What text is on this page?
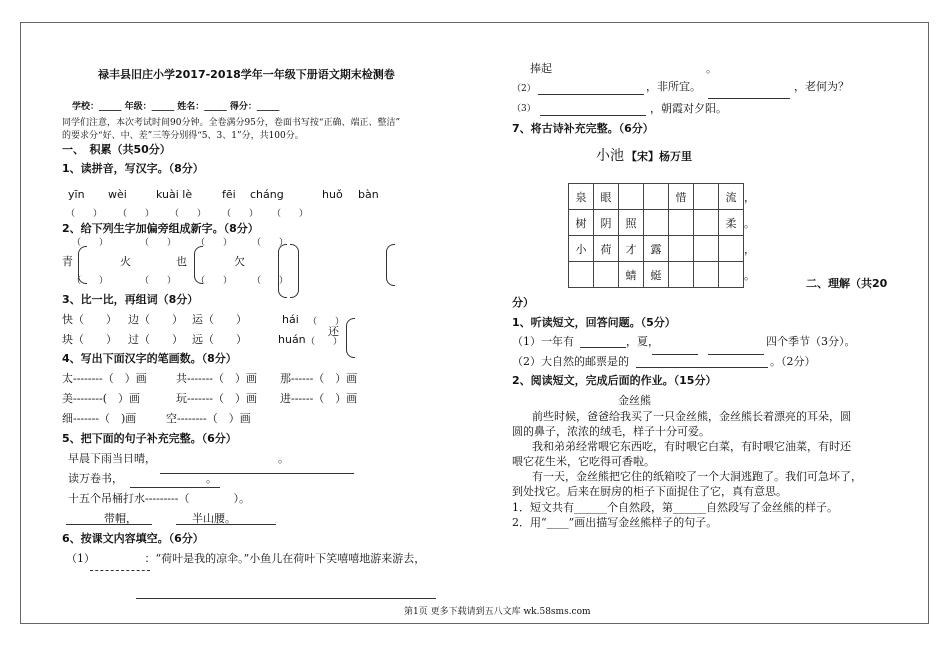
禄丰县旧庄小学2017-2018学年一年级下册语文期末检测卷
学校：_____ 年级：_____ 姓名：_____ 得分：_____
同学们注意，本次考试时间90分钟。全卷满分95分，卷面书写按“正确、端正、整洁”
的要求分“好、中、差”三等分别得“5、3、1”分，共100分。
一、　积累（共50分）
1、读拼音，写汉字。（8分）
yīn wèi	kuài lè	fēi cháng	huǒ bàn
（　　） （　　） （　　） （　　） （　　）
2、给下列生字加偏旁组成新字。（8分）
（　　）	（　　） （　　） （　　）
青	火	也	欠
（　　）	（　　） （　　） （　　）
3、比一比，再组词（8分）
快（　　） 边（　　） 运（　　）
块（　　） 过（　　） 远（　　）
hái （　　）
huán （　　）
还
4、写出下面汉字的笔画数。（8分）
太--------（　）画	共-------（　）画 那------（　）画
美--------(　）画	玩-------（　）画 进------（　）画
细-------（　)画	空--------（　）画
5、把下面的句子补充完整。（6分）
早晨下雨当日晴，	。
读万卷书，	。
十五个吊桶打水---------（　　　　）。
带帽，	半山腰。
6、按课文内容填空。（6分）
（1）　　　　　：“荷叶是我的凉伞。”小鱼儿在荷叶下笑嘻嘻地游来游去，
捧起	。
（2）	，非所宜。	，老何为？
（3）	，朝霞对夕阳。
7、将古诗补充完整。（6分）
小池 【宋】杨万里
泉	眼			惜		流	，
树	阴	照				柔	。
小	荷	才	露				，
		蜻	蜓				。
二、理解（共20
分）
1、听读短文，回答问题。（5分）
（1）一年有	，夏，	四个季节（3分）。
（2）大自然的邮票是的	。（2分）
2、阅读短文，完成后面的作业。（15分）
金丝熊
前些时候，爸爸给我买了一只金丝熊，金丝熊长着漂亮的耳朵，圆
圆的鼻子，浓浓的绒毛，样子十分可爱。
我和弟弟经常喂它东西吃，有时喂它白菜，有时喂它油菜，有时还
喂它花生米，它吃得可香啦。
有一天，金丝熊把它住的纸箱咬了一个大洞逃跑了。我们可急坏了，
到处找它。后来在厨房的柜子下面捉住了它，真有意思。
1．短文共有______个自然段，第______自然段写了金丝熊的样子。
2．用“____”画出描写金丝熊样子的句子。
第1页 更多下载请到五八文库 wk.58sms.com
